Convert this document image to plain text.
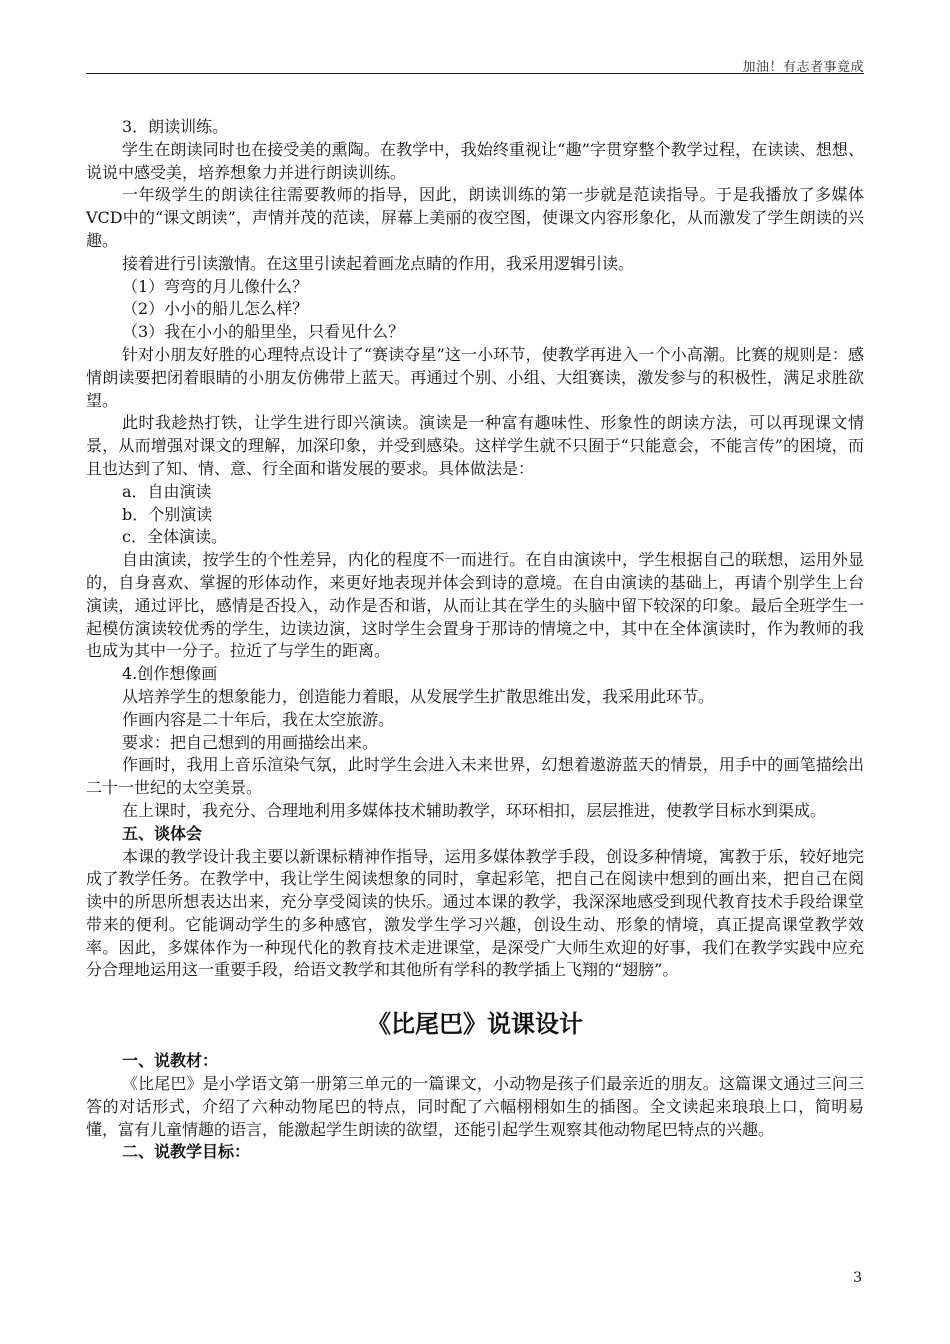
加油！有志者事竟成

3．朗读训练。

学生在朗读同时也在接受美的熏陶。在教学中，我始终重视让“趣”字贯穿整个教学过程，在读读、想想、说说中感受美，培养想象力并进行朗读训练。

一年级学生的朗读往往需要教师的指导，因此，朗读训练的第一步就是范读指导。于是我播放了多媒体VCD中的“课文朗读”，声情并茂的范读，屏幕上美丽的夜空图，使课文内容形象化，从而激发了学生朗读的兴趣。

接着进行引读激情。在这里引读起着画龙点睛的作用，我采用逻辑引读。

（1）弯弯的月儿像什么？

（2）小小的船儿怎么样？

（3）我在小小的船里坐，只看见什么？

针对小朋友好胜的心理特点设计了“赛读夺星”这一小环节，使教学再进入一个小高潮。比赛的规则是：感情朗读要把闭着眼睛的小朋友仿佛带上蓝天。再通过个别、小组、大组赛读，激发参与的积极性，满足求胜欲望。

此时我趁热打铁，让学生进行即兴演读。演读是一种富有趣味性、形象性的朗读方法，可以再现课文情景，从而增强对课文的理解，加深印象，并受到感染。这样学生就不只囿于“只能意会，不能言传”的困境，而且也达到了知、情、意、行全面和谐发展的要求。具体做法是：

a．自由演读

b．个别演读

c．全体演读。

自由演读，按学生的个性差异，内化的程度不一而进行。在自由演读中，学生根据自己的联想，运用外显的，自身喜欢、掌握的形体动作，来更好地表现并体会到诗的意境。在自由演读的基础上，再请个别学生上台演读，通过评比，感情是否投入，动作是否和谐，从而让其在学生的头脑中留下较深的印象。最后全班学生一起模仿演读较优秀的学生，边读边演，这时学生会置身于那诗的情境之中，其中在全体演读时，作为教师的我也成为其中一分子。拉近了与学生的距离。

4.创作想像画

从培养学生的想象能力，创造能力着眼，从发展学生扩散思维出发，我采用此环节。

作画内容是二十年后，我在太空旅游。

要求：把自己想到的用画描绘出来。

作画时，我用上音乐渲染气氛，此时学生会进入未来世界，幻想着遨游蓝天的情景，用手中的画笔描绘出二十一世纪的太空美景。

在上课时，我充分、合理地利用多媒体技术辅助教学，环环相扣，层层推进，使教学目标水到渠成。

五、谈体会

本课的教学设计我主要以新课标精神作指导，运用多媒体教学手段，创设多种情境，寓教于乐，较好地完成了教学任务。在教学中，我让学生阅读想象的同时，拿起彩笔，把自己在阅读中想到的画出来，把自己在阅读中的所思所想表达出来，充分享受阅读的快乐。通过本课的教学，我深深地感受到现代教育技术手段给课堂带来的便利。它能调动学生的多种感官，激发学生学习兴趣，创设生动、形象的情境，真正提高课堂教学效率。因此，多媒体作为一种现代化的教育技术走进课堂，是深受广大师生欢迎的好事，我们在教学实践中应充分合理地运用这一重要手段，给语文教学和其他所有学科的教学插上飞翔的“翅膀”。

《比尾巴》说课设计

一、说教材：

《比尾巴》是小学语文第一册第三单元的一篇课文，小动物是孩子们最亲近的朋友。这篇课文通过三问三答的对话形式，介绍了六种动物尾巴的特点，同时配了六幅栩栩如生的插图。全文读起来琅琅上口，简明易懂，富有儿童情趣的语言，能激起学生朗读的欲望，还能引起学生观察其他动物尾巴特点的兴趣。

二、说教学目标：

3
